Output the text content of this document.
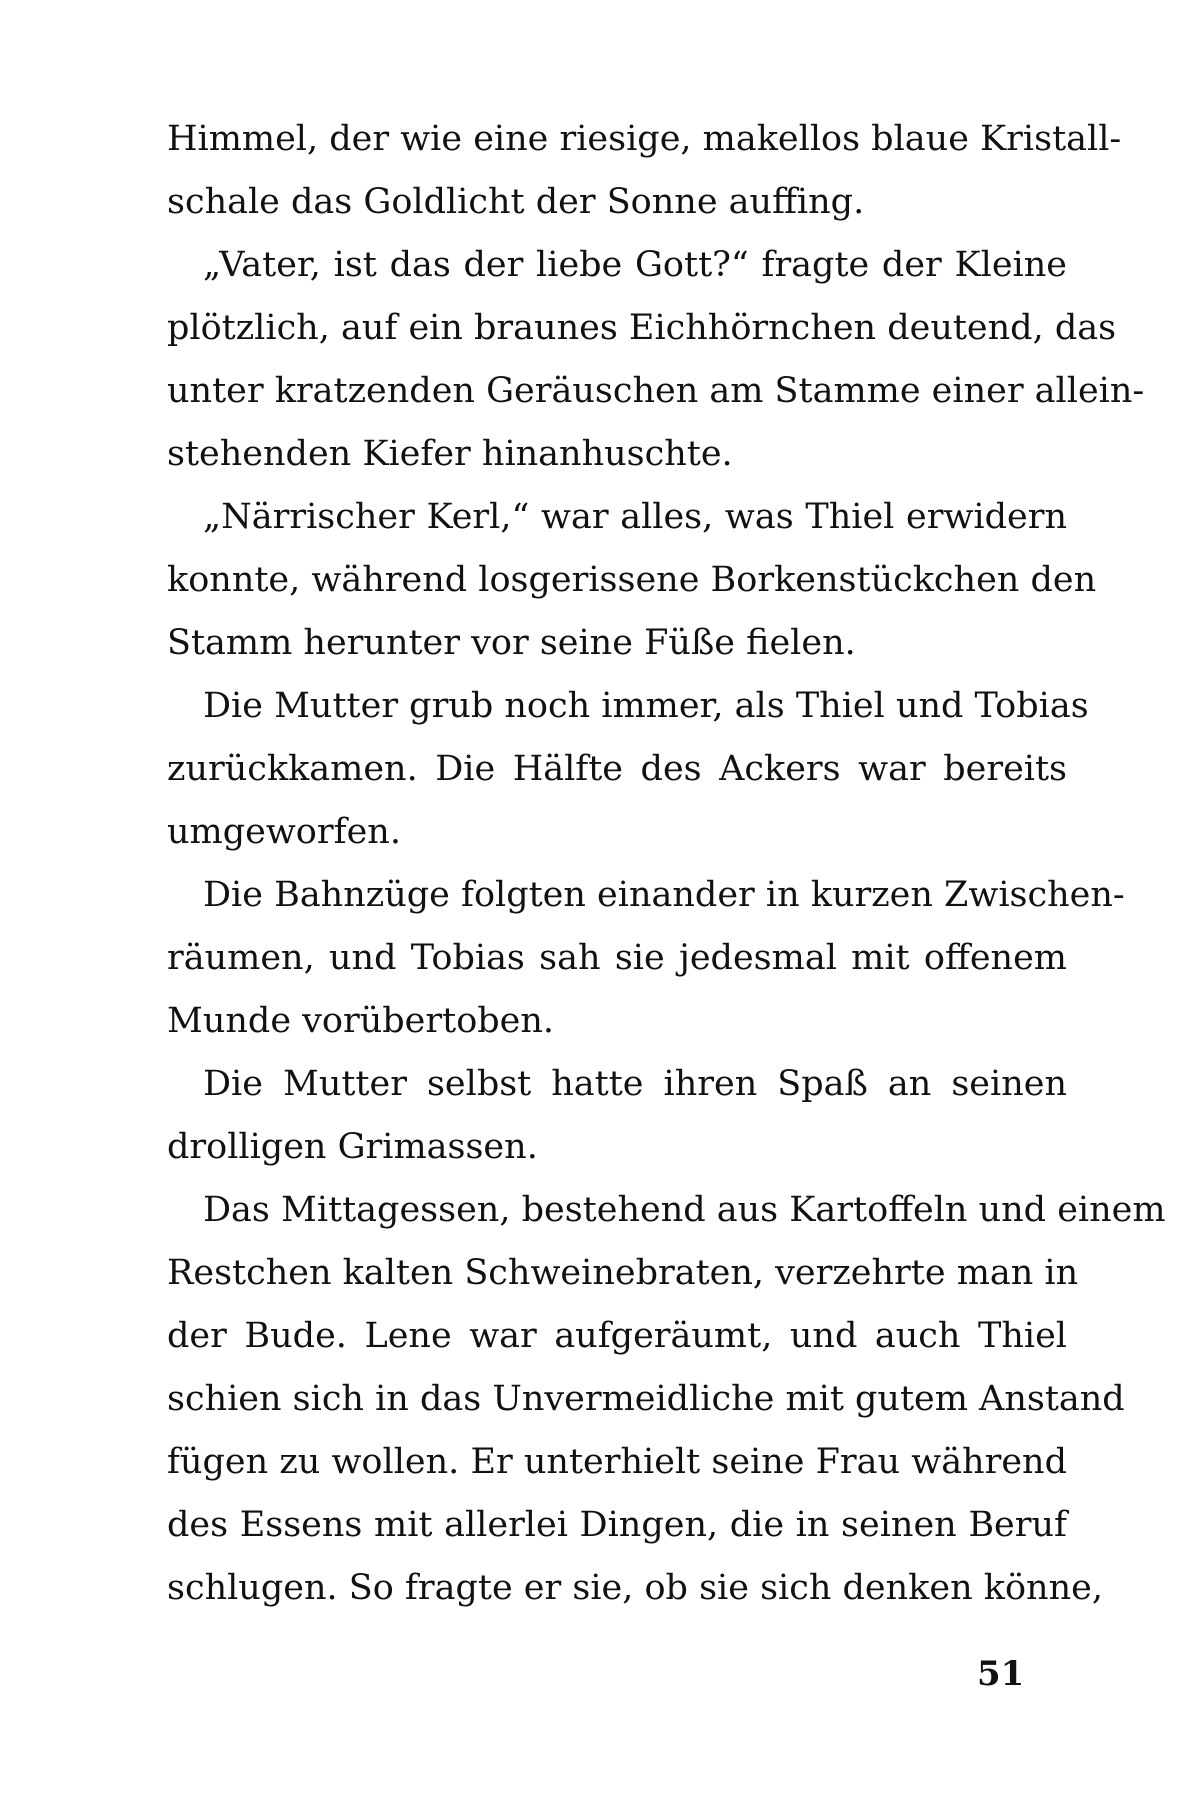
Himmel, der wie eine riesige, makellos blaue Kristall-
schale das Goldlicht der Sonne auffing.
„Vater, ist das der liebe Gott?“ fragte der Kleine
plötzlich, auf ein braunes Eichhörnchen deutend, das
unter kratzenden Geräuschen am Stamme einer allein-
stehenden Kiefer hinanhuschte.
„Närrischer Kerl,“ war alles, was Thiel erwidern
konnte, während losgerissene Borkenstückchen den
Stamm herunter vor seine Füße fielen.
Die Mutter grub noch immer, als Thiel und Tobias
zurückkamen. Die Hälfte des Ackers war bereits
umgeworfen.
Die Bahnzüge folgten einander in kurzen Zwischen-
räumen, und Tobias sah sie jedesmal mit offenem
Munde vorübertoben.
Die Mutter selbst hatte ihren Spaß an seinen
drolligen Grimassen.
Das Mittagessen, bestehend aus Kartoffeln und einem
Restchen kalten Schweinebraten, verzehrte man in
der Bude. Lene war aufgeräumt, und auch Thiel
schien sich in das Unvermeidliche mit gutem Anstand
fügen zu wollen. Er unterhielt seine Frau während
des Essens mit allerlei Dingen, die in seinen Beruf
schlugen. So fragte er sie, ob sie sich denken könne,
51
